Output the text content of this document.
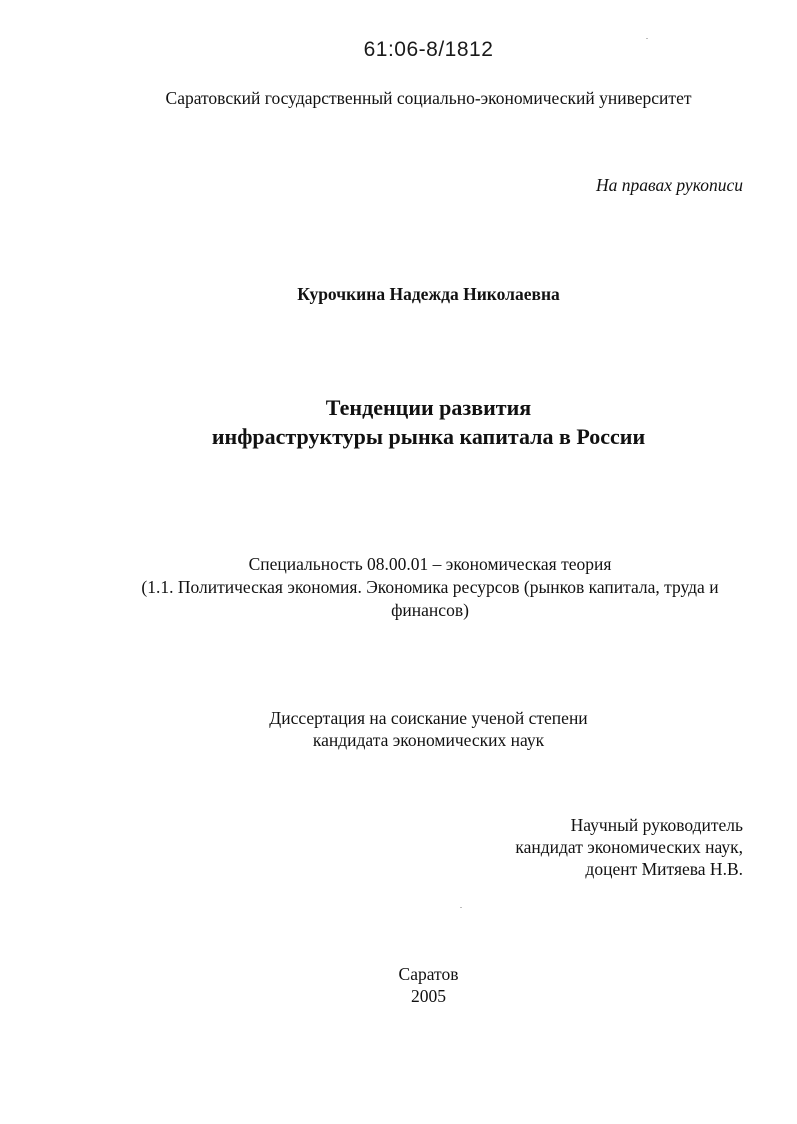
61:06-8/1812
Саратовский государственный социально-экономический университет
На правах рукописи
Курочкина Надежда Николаевна
Тенденции развития
инфраструктуры рынка капитала в России
Специальность 08.00.01 – экономическая теория
(1.1. Политическая экономия. Экономика ресурсов (рынков капитала, труда и
финансов)
Диссертация на соискание ученой степени
кандидата экономических наук
Научный руководитель
кандидат экономических наук,
доцент Митяева Н.В.
Саратов
2005
